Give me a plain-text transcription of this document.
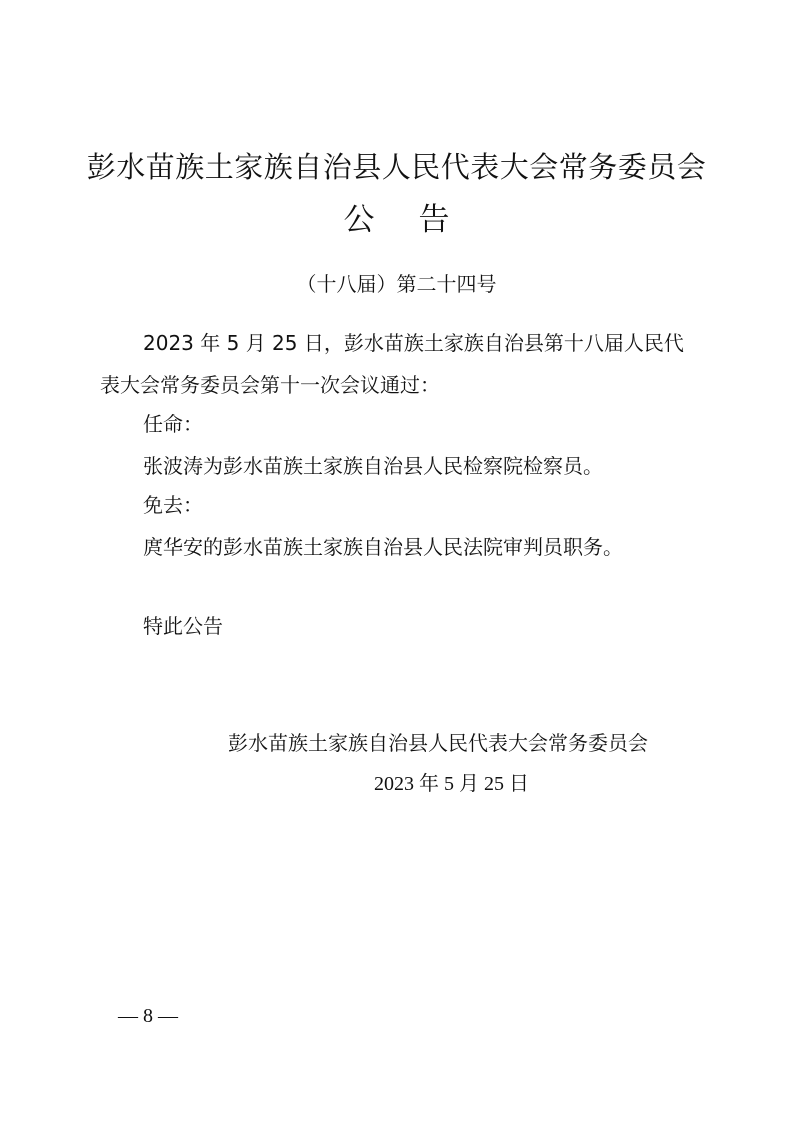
彭水苗族土家族自治县人民代表大会常务委员会
公告
（十八届）第二十四号
2023 年 5 月 25 日，彭水苗族土家族自治县第十八届人民代
表大会常务委员会第十一次会议通过：
任命：
张波涛为彭水苗族土家族自治县人民检察院检察员。
免去：
庹华安的彭水苗族土家族自治县人民法院审判员职务。
特此公告
彭水苗族土家族自治县人民代表大会常务委员会
2023 年 5 月 25 日
— 8 —
